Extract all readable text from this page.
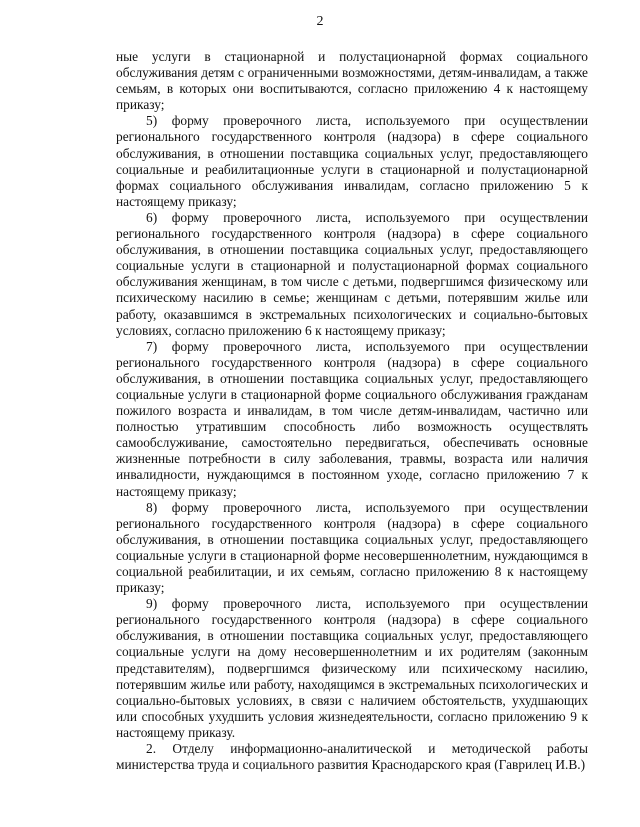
2

ные услуги в стационарной и полустационарной формах социального обслуживания детям с ограниченными возможностями, детям-инвалидам, а также семьям, в которых они воспитываются, согласно приложению 4 к настоящему приказу;

5) форму проверочного листа, используемого при осуществлении регионального государственного контроля (надзора) в сфере социального обслуживания, в отношении поставщика социальных услуг, предоставляющего социальные и реабилитационные услуги в стационарной и полустационарной формах социального обслуживания инвалидам, согласно приложению 5 к настоящему приказу;

6) форму проверочного листа, используемого при осуществлении регионального государственного контроля (надзора) в сфере социального обслуживания, в отношении поставщика социальных услуг, предоставляющего социальные услуги в стационарной и полустационарной формах социального обслуживания женщинам, в том числе с детьми, подвергшимся физическому или психическому насилию в семье; женщинам с детьми, потерявшим жилье или работу, оказавшимся в экстремальных психологических и социально-бытовых условиях, согласно приложению 6 к настоящему приказу;

7) форму проверочного листа, используемого при осуществлении регионального государственного контроля (надзора) в сфере социального обслуживания, в отношении поставщика социальных услуг, предоставляющего социальные услуги в стационарной форме социального обслуживания гражданам пожилого возраста и инвалидам, в том числе детям-инвалидам, частично или полностью утратившим способность либо возможность осуществлять самообслуживание, самостоятельно передвигаться, обеспечивать основные жизненные потребности в силу заболевания, травмы, возраста или наличия инвалидности, нуждающимся в постоянном уходе, согласно приложению 7 к настоящему приказу;

8) форму проверочного листа, используемого при осуществлении регионального государственного контроля (надзора) в сфере социального обслуживания, в отношении поставщика социальных услуг, предоставляющего социальные услуги в стационарной форме несовершеннолетним, нуждающимся в социальной реабилитации, и их семьям, согласно приложению 8 к настоящему приказу;

9) форму проверочного листа, используемого при осуществлении регионального государственного контроля (надзора) в сфере социального обслуживания, в отношении поставщика социальных услуг, предоставляющего социальные услуги на дому несовершеннолетним и их родителям (законным представителям), подвергшимся физическому или психическому насилию, потерявшим жилье или работу, находящимся в экстремальных психологических и социально-бытовых условиях, в связи с наличием обстоятельств, ухудшающих или способных ухудшить условия жизнедеятельности, согласно приложению 9 к настоящему приказу.

2. Отделу информационно-аналитической и методической работы министерства труда и социального развития Краснодарского края (Гаврилец И.В.)
